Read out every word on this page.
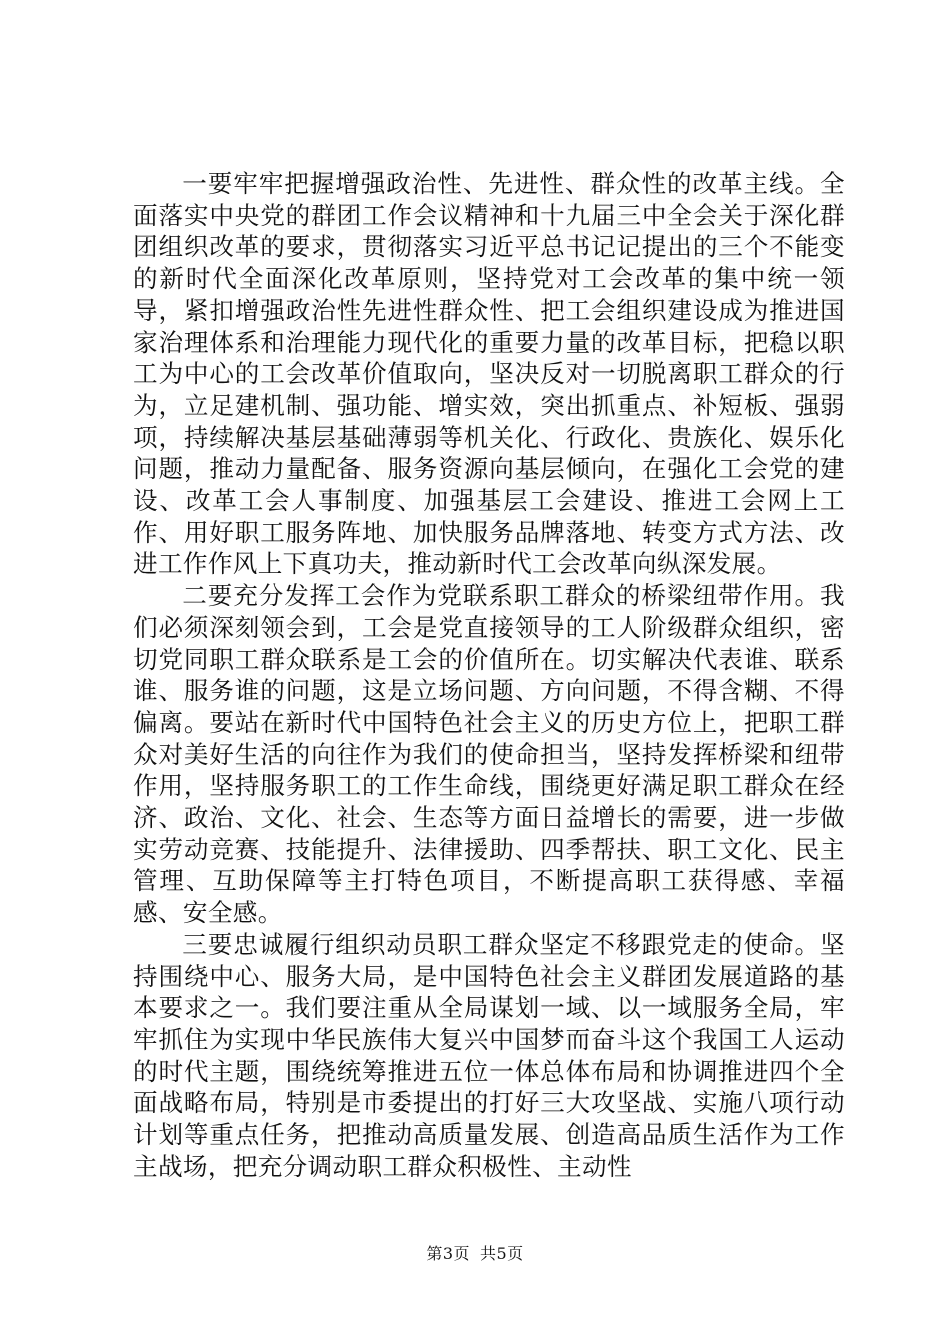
一要牢牢把握增强政治性、先进性、群众性的改革主线。全面落实中央党的群团工作会议精神和十九届三中全会关于深化群团组织改革的要求，贯彻落实习近平总书记记提出的三个不能变的新时代全面深化改革原则，坚持党对工会改革的集中统一领导，紧扣增强政治性先进性群众性、把工会组织建设成为推进国家治理体系和治理能力现代化的重要力量的改革目标，把稳以职工为中心的工会改革价值取向，坚决反对一切脱离职工群众的行为，立足建机制、强功能、增实效，突出抓重点、补短板、强弱项，持续解决基层基础薄弱等机关化、行政化、贵族化、娱乐化问题，推动力量配备、服务资源向基层倾向，在强化工会党的建设、改革工会人事制度、加强基层工会建设、推进工会网上工作、用好职工服务阵地、加快服务品牌落地、转变方式方法、改进工作作风上下真功夫，推动新时代工会改革向纵深发展。

二要充分发挥工会作为党联系职工群众的桥梁纽带作用。我们必须深刻领会到，工会是党直接领导的工人阶级群众组织，密切党同职工群众联系是工会的价值所在。切实解决代表谁、联系谁、服务谁的问题，这是立场问题、方向问题，不得含糊、不得偏离。要站在新时代中国特色社会主义的历史方位上，把职工群众对美好生活的向往作为我们的使命担当，坚持发挥桥梁和纽带作用，坚持服务职工的工作生命线，围绕更好满足职工群众在经济、政治、文化、社会、生态等方面日益增长的需要，进一步做实劳动竞赛、技能提升、法律援助、四季帮扶、职工文化、民主管理、互助保障等主打特色项目，不断提高职工获得感、幸福感、安全感。

三要忠诚履行组织动员职工群众坚定不移跟党走的使命。坚持围绕中心、服务大局，是中国特色社会主义群团发展道路的基本要求之一。我们要注重从全局谋划一域、以一域服务全局，牢牢抓住为实现中华民族伟大复兴中国梦而奋斗这个我国工人运动的时代主题，围绕统筹推进五位一体总体布局和协调推进四个全面战略布局，特别是市委提出的打好三大攻坚战、实施八项行动计划等重点任务，把推动高质量发展、创造高品质生活作为工作主战场，把充分调动职工群众积极性、主动性

第3页 共5页
